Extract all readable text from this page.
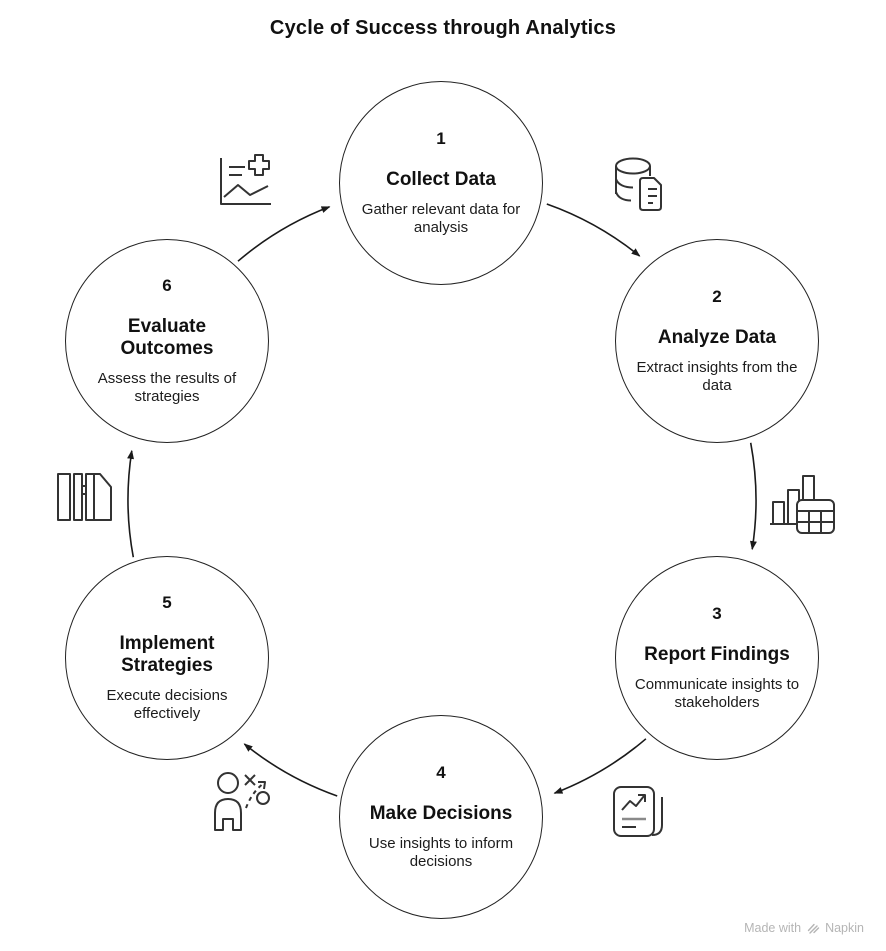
Cycle of Success through Analytics
1
Collect Data
Gather relevant data for analysis
2
Analyze Data
Extract insights from the data
3
Report Findings
Communicate insights to stakeholders
4
Make Decisions
Use insights to inform decisions
5
Implement Strategies
Execute decisions effectively
6
Evaluate Outcomes
Assess the results of strategies
Made with Napkin
